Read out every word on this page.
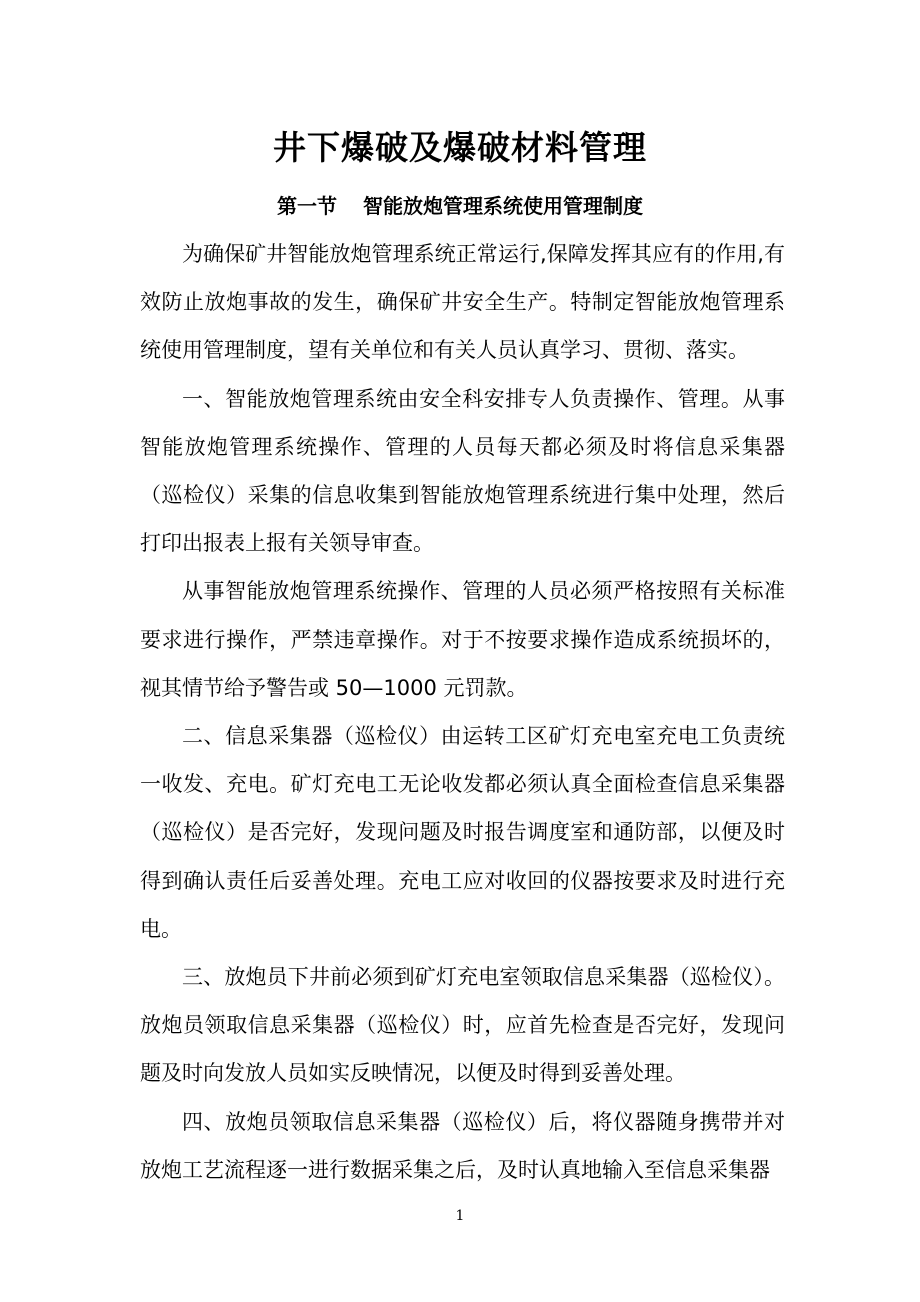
井下爆破及爆破材料管理
第一节 智能放炮管理系统使用管理制度

为确保矿井智能放炮管理系统正常运行,保障发挥其应有的作用,有效防止放炮事故的发生，确保矿井安全生产。特制定智能放炮管理系统使用管理制度，望有关单位和有关人员认真学习、贯彻、落实。

一、智能放炮管理系统由安全科安排专人负责操作、管理。从事智能放炮管理系统操作、管理的人员每天都必须及时将信息采集器（巡检仪）采集的信息收集到智能放炮管理系统进行集中处理，然后打印出报表上报有关领导审查。

从事智能放炮管理系统操作、管理的人员必须严格按照有关标准要求进行操作，严禁违章操作。对于不按要求操作造成系统损坏的，视其情节给予警告或 50—1000 元罚款。

二、信息采集器（巡检仪）由运转工区矿灯充电室充电工负责统一收发、充电。矿灯充电工无论收发都必须认真全面检查信息采集器（巡检仪）是否完好，发现问题及时报告调度室和通防部，以便及时得到确认责任后妥善处理。充电工应对收回的仪器按要求及时进行充电。

三、放炮员下井前必须到矿灯充电室领取信息采集器（巡检仪）。放炮员领取信息采集器（巡检仪）时，应首先检查是否完好，发现问题及时向发放人员如实反映情况，以便及时得到妥善处理。

四、放炮员领取信息采集器（巡检仪）后，将仪器随身携带并对放炮工艺流程逐一进行数据采集之后，及时认真地输入至信息采集器

1
